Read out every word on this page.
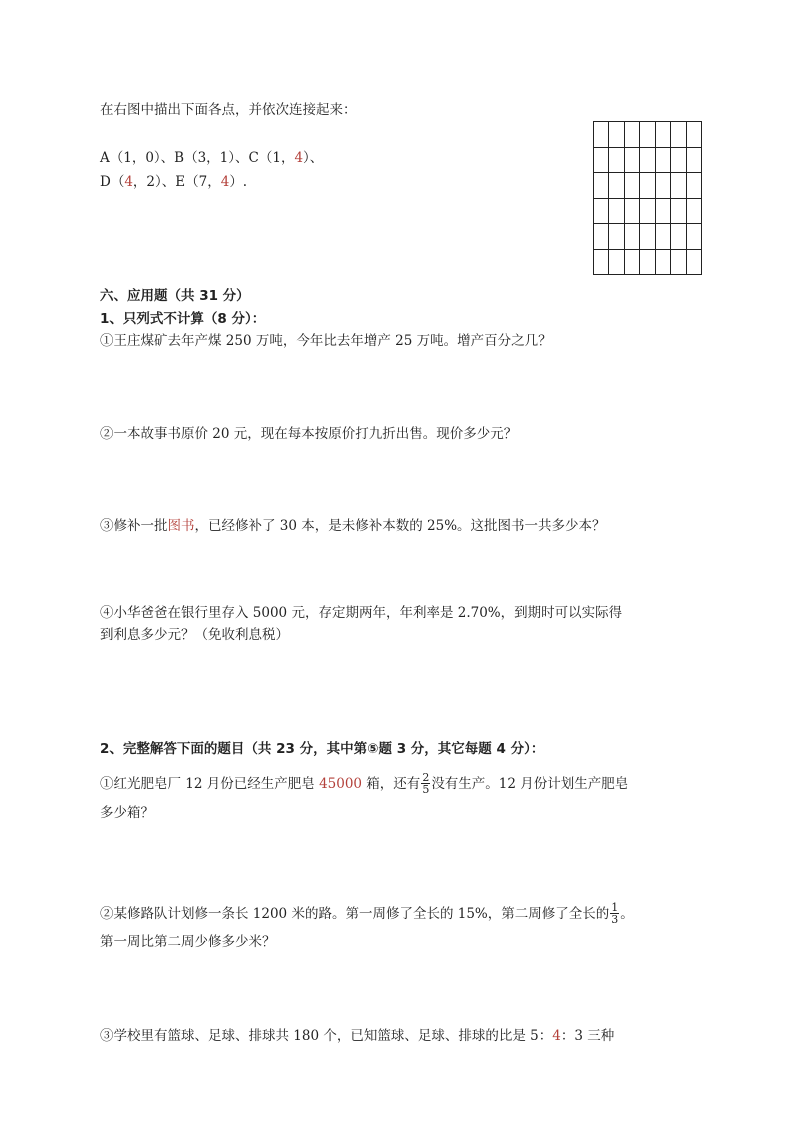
在右图中描出下面各点，并依次连接起来：
A（1，0）、B（3，1）、C（1，4）、
D（4，2）、E（7，4）.

六、应用题（共 31 分）
1、只列式不计算（8 分）：
①王庄煤矿去年产煤 250 万吨，今年比去年增产 25 万吨。增产百分之几？
②一本故事书原价 20 元，现在每本按原价打九折出售。现价多少元？
③修补一批图书，已经修补了 30 本，是未修补本数的 25%。这批图书一共多少本？
④小华爸爸在银行里存入 5000 元，存定期两年，年利率是 2.70%，到期时可以实际得
到利息多少元？（免收利息税）
2、完整解答下面的题目（共 23 分，其中第⑤题 3 分，其它每题 4 分）：
①红光肥皂厂 12 月份已经生产肥皂 45000 箱，还有 $\frac{2}{5}$ 没有生产。12 月份计划生产肥皂
多少箱？
②某修路队计划修一条长 1200 米的路。第一周修了全长的 15%，第二周修了全长的 $\frac{1}{3}$ 。
第一周比第二周少修多少米？
③学校里有篮球、足球、排球共 180 个，已知篮球、足球、排球的比是 5：4：3 三种
